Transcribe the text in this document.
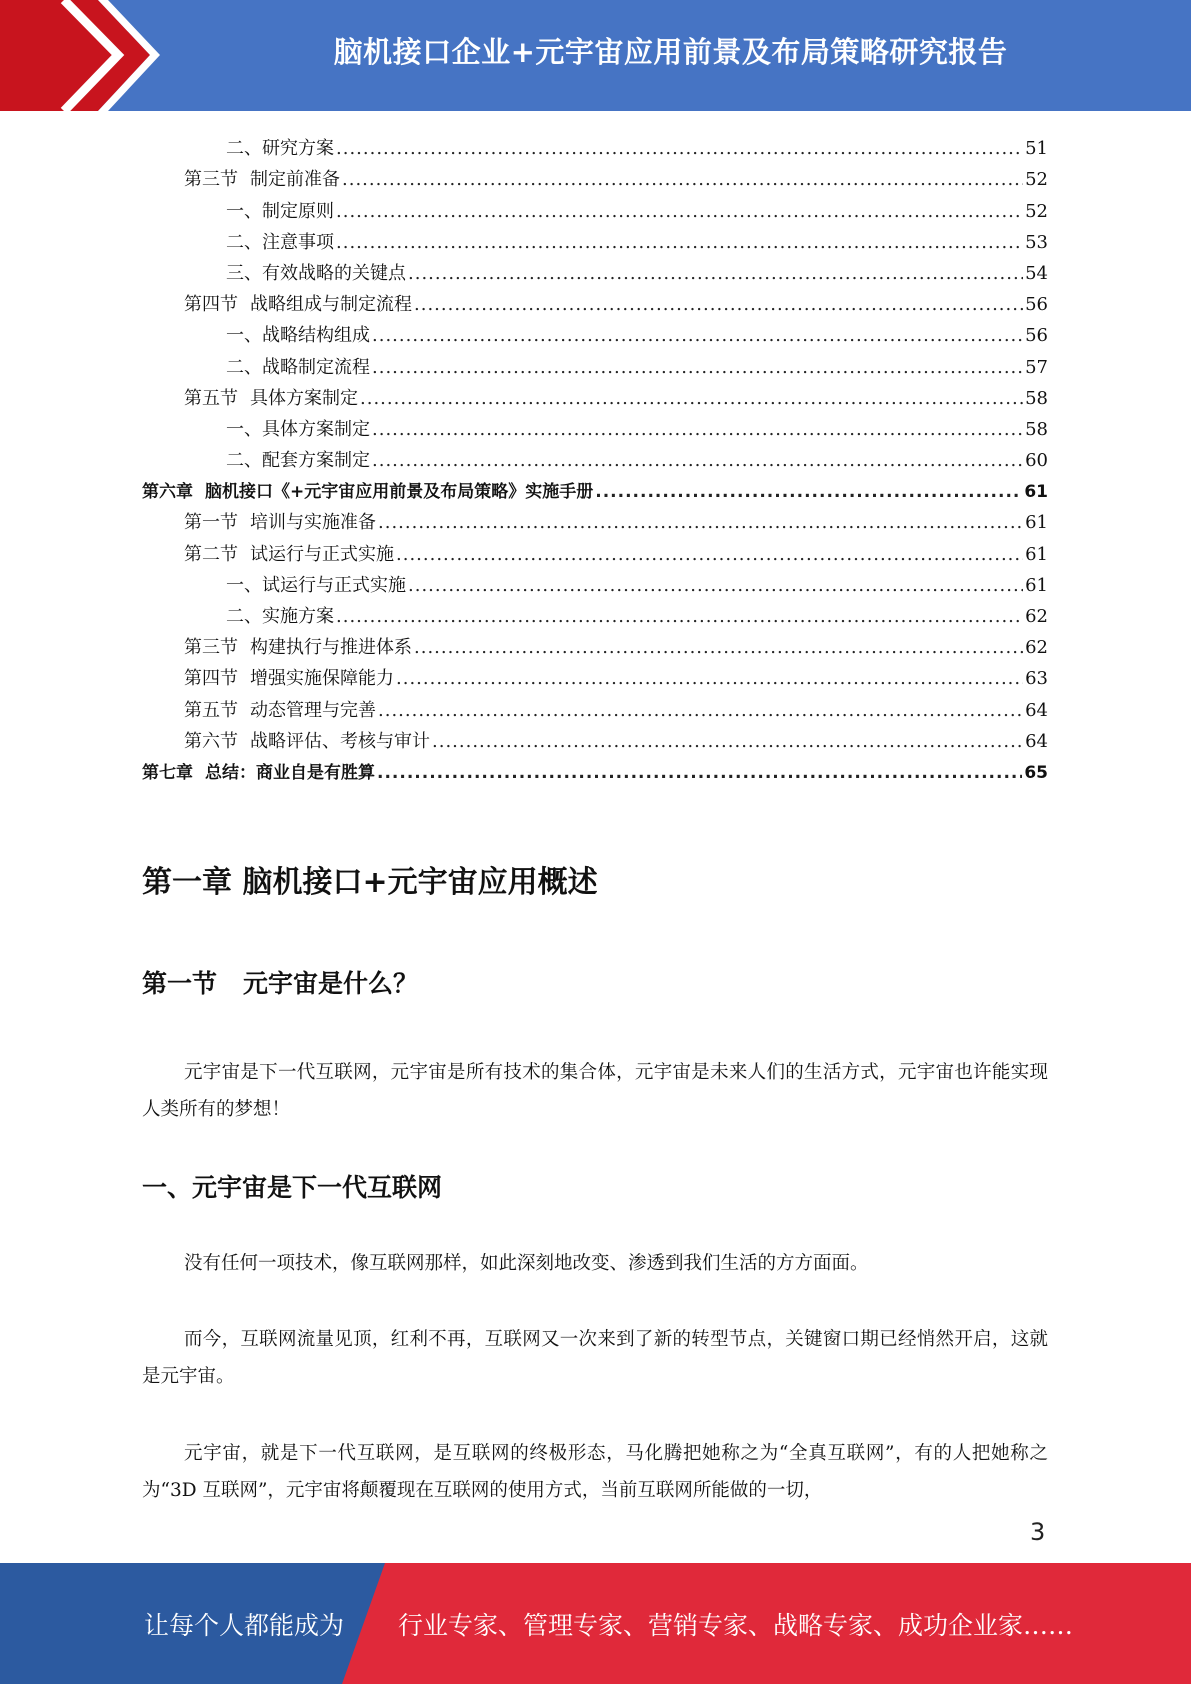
脑机接口企业+元宇宙应用前景及布局策略研究报告
二、研究方案 .....	51
第三节 制定前准备 .....	52
一、制定原则 .....	52
二、注意事项 .....	53
三、有效战略的关键点 .....	54
第四节 战略组成与制定流程 .....	56
一、战略结构组成 .....	56
二、战略制定流程 .....	57
第五节 具体方案制定 .....	58
一、具体方案制定 .....	58
二、配套方案制定 .....	60
第六章 脑机接口《+元宇宙应用前景及布局策略》实施手册 .....	61
第一节 培训与实施准备 .....	61
第二节 试运行与正式实施 .....	61
一、试运行与正式实施 .....	61
二、实施方案 .....	62
第三节 构建执行与推进体系 .....	62
第四节 增强实施保障能力 .....	63
第五节 动态管理与完善 .....	64
第六节 战略评估、考核与审计 .....	64
第七章 总结：商业自是有胜算 .....	65
第一章 脑机接口+元宇宙应用概述
第一节 元宇宙是什么？
元宇宙是下一代互联网，元宇宙是所有技术的集合体，元宇宙是未来人们的生活方式，元宇宙也许能实现人类所有的梦想！
一、元宇宙是下一代互联网
没有任何一项技术，像互联网那样，如此深刻地改变、渗透到我们生活的方方面面。
而今，互联网流量见顶，红利不再，互联网又一次来到了新的转型节点，关键窗口期已经悄然开启，这就是元宇宙。
元宇宙，就是下一代互联网，是互联网的终极形态，马化腾把她称之为“全真互联网”，有的人把她称之为“3D 互联网”，元宇宙将颠覆现在互联网的使用方式，当前互联网所能做的一切，
3
让每个人都能成为 行业专家、管理专家、营销专家、战略专家、成功企业家……
